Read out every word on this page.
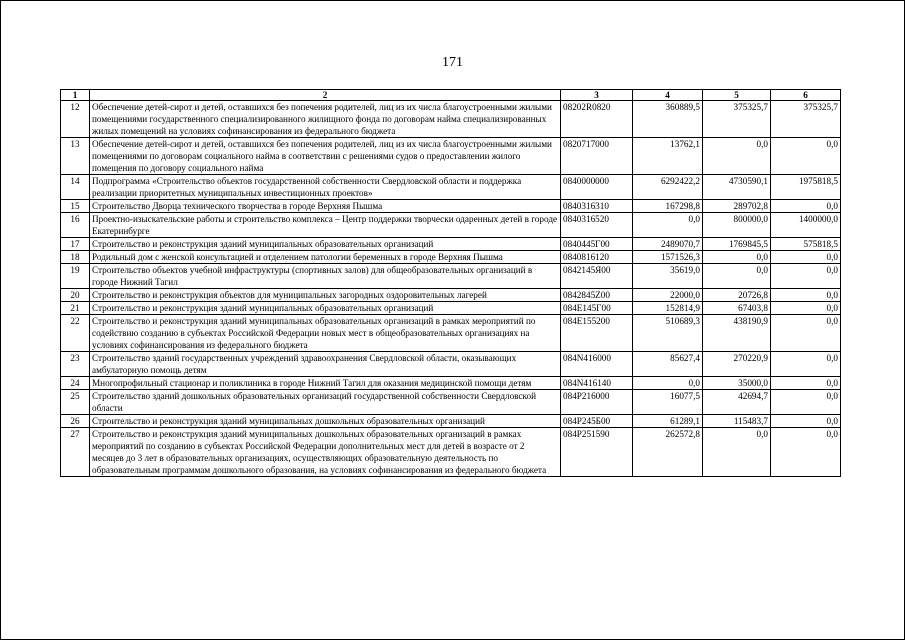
171
1	2	3	4	5	6
12	Обеспечение детей-сирот и детей, оставшихся без попечения родителей, лиц из их числа благоустроенными жилыми помещениями государственного специализированного жилищного фонда по договорам найма специализированных жилых помещений на условиях софинансирования из федерального бюджета	08202R0820	360889,5	375325,7	375325,7
13	Обеспечение детей-сирот и детей, оставшихся без попечения родителей, лиц из их числа благоустроенными жилыми помещениями по договорам социального найма в соответствии с решениями судов о предоставлении жилого помещения по договору социального найма	0820717000	13762,1	0,0	0,0
14	Подпрограмма «Строительство объектов государственной собственности Свердловской области и поддержка реализации приоритетных муниципальных инвестиционных проектов»	0840000000	6292422,2	4730590,1	1975818,5
15	Строительство Дворца технического творчества в городе Верхняя Пышма	0840316310	167298,8	289702,8	0,0
16	Проектно-изыскательские работы и строительство комплекса – Центр поддержки творчески одаренных детей в городе Екатеринбурге	0840316520	0,0	800000,0	1400000,0
17	Строительство и реконструкция зданий муниципальных образовательных организаций	0840445Г00	2489070,7	1769845,5	575818,5
18	Родильный дом с женской консультацией и отделением патологии беременных в городе Верхняя Пышма	0840816120	1571526,3	0,0	0,0
19	Строительство объектов учебной инфраструктуры (спортивных залов) для общеобразовательных организаций в городе Нижний Тагил	0842145Я00	35619,0	0,0	0,0
20	Строительство и реконструкция объектов для муниципальных загородных оздоровительных лагерей	0842845Z00	22000,0	20726,8	0,0
21	Строительство и реконструкция зданий муниципальных образовательных организаций	084E145Г00	152814,9	67403,8	0,0
22	Строительство и реконструкция зданий муниципальных образовательных организаций в рамках мероприятий по содействию созданию в субъектах Российской Федерации новых мест в общеобразовательных организациях на условиях софинансирования из федерального бюджета	084E155200	510689,3	438190,9	0,0
23	Строительство зданий государственных учреждений здравоохранения Свердловской области, оказывающих амбулаторную помощь детям	084N416000	85627,4	270220,9	0,0
24	Многопрофильный стационар и поликлиника в городе Нижний Тагил для оказания медицинской помощи детям	084N416140	0,0	35000,0	0,0
25	Строительство зданий дошкольных образовательных организаций государственной собственности Свердловской области	084P216000	16077,5	42694,7	0,0
26	Строительство и реконструкция зданий муниципальных дошкольных образовательных организаций	084P245Б00	61289,1	115483,7	0,0
27	Строительство и реконструкция зданий муниципальных дошкольных образовательных организаций в рамках мероприятий по созданию в субъектах Российской Федерации дополнительных мест для детей в возрасте от 2 месяцев до 3 лет в образовательных организациях, осуществляющих образовательную деятельность по образовательным программам дошкольного образования, на условиях софинансирования из федерального бюджета	084P251590	262572,8	0,0	0,0
